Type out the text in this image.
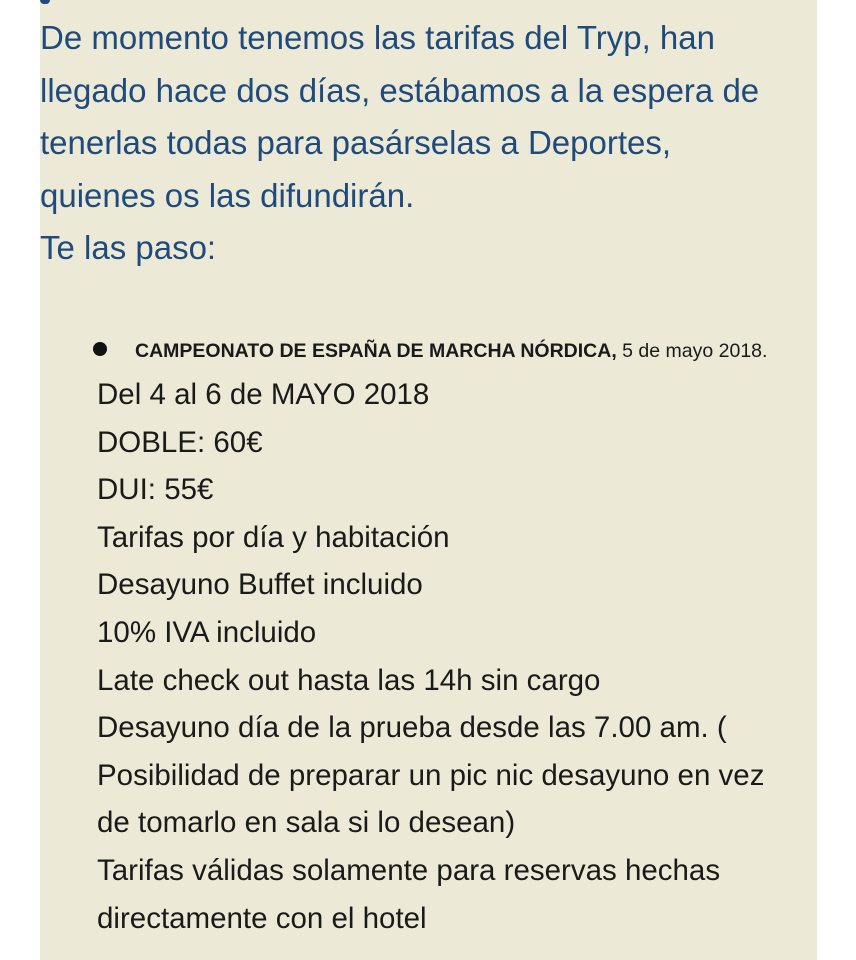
De momento tenemos las tarifas del Tryp, han
llegado hace dos días, estábamos a la espera de
tenerlas todas para pasárselas a Deportes,
quienes os las difundirán.
Te las paso:

CAMPEONATO DE ESPAÑA DE MARCHA NÓRDICA, 5 de mayo 2018.

Del 4 al 6 de MAYO 2018
DOBLE: 60€
DUI: 55€
Tarifas por día y habitación
Desayuno Buffet incluido
10% IVA incluido
Late check out hasta las 14h sin cargo
Desayuno día de la prueba desde las 7.00 am. (
Posibilidad de preparar un pic nic desayuno en vez
de tomarlo en sala si lo desean)
Tarifas válidas solamente para reservas hechas
directamente con el hotel
